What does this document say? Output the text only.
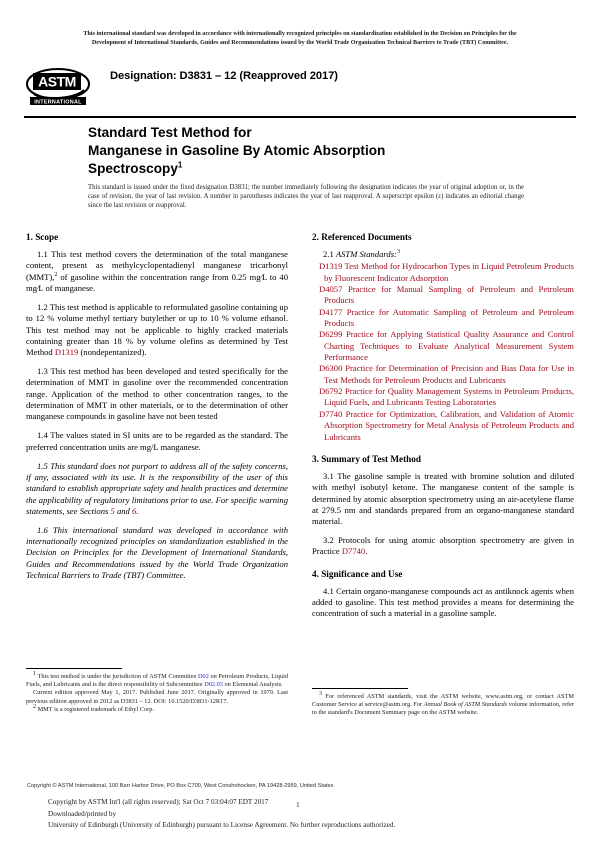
This international standard was developed in accordance with internationally recognized principles on standardization established in the Decision on Principles for the
Development of International Standards, Guides and Recommendations issued by the World Trade Organization Technical Barriers to Trade (TBT) Committee.
ASTM
INTERNATIONAL
Designation: D3831 – 12 (Reapproved 2017)
Standard Test Method for
Manganese in Gasoline By Atomic Absorption
Spectroscopy$^1$
This standard is issued under the fixed designation D3831; the number immediately following the designation indicates the year of original adoption or, in the case of revision, the year of last revision. A number in parentheses indicates the year of last reapproval. A superscript epsilon (ε) indicates an editorial change since the last revision or reapproval.
1. Scope

1.1 This test method covers the determination of the total manganese content, present as methylcyclopentadienyl manganese tricarbonyl (MMT),$^2$ of gasoline within the concentration range from 0.25 mg∕L to 40 mg∕L of manganese.

1.2 This test method is applicable to reformulated gasoline containing up to 12 % volume methyl tertiary butylether or up to 10 % volume ethanol. This test method may not be applicable to highly cracked materials containing greater than 18 % by volume olefins as determined by Test Method D1319 (nondepentanized).

1.3 This test method has been developed and tested specifically for the determination of MMT in gasoline over the recommended concentration range. Application of the method to other concentration ranges, to the determination of MMT in other materials, or to the determination of other manganese compounds in gasoline have not been tested

1.4 The values stated in SI units are to be regarded as the standard. The preferred concentration units are mg/L manganese.

1.5 This standard does not purport to address all of the safety concerns, if any, associated with its use. It is the responsibility of the user of this standard to establish appropriate safety and health practices and determine the applicability of regulatory limitations prior to use. For specific warning statements, see Sections 5 and 6.

1.6 This international standard was developed in accordance with internationally recognized principles on standardization established in the Decision on Principles for the Development of International Standards, Guides and Recommendations issued by the World Trade Organization Technical Barriers to Trade (TBT) Committee.

2. Referenced Documents

2.1 ASTM Standards:$^3$

D1319 Test Method for Hydrocarbon Types in Liquid Petroleum Products by Fluorescent Indicator Adsorption
D4057 Practice for Manual Sampling of Petroleum and Petroleum Products
D4177 Practice for Automatic Sampling of Petroleum and Petroleum Products
D6299 Practice for Applying Statistical Quality Assurance and Control Charting Techniques to Evaluate Analytical Measurement System Performance
D6300 Practice for Determination of Precision and Bias Data for Use in Test Methods for Petroleum Products and Lubricants
D6792 Practice for Quality Management Systems in Petroleum Products, Liquid Fuels, and Lubricants Testing Laboratories
D7740 Practice for Optimization, Calibration, and Validation of Atomic Absorption Spectrometry for Metal Analysis of Petroleum Products and Lubricants
3. Summary of Test Method

3.1 The gasoline sample is treated with bromine solution and diluted with methyl isobutyl ketone. The manganese content of the sample is determined by atomic absorption spectrometry using an air-acetylene flame at 279.5 nm and standards prepared from an organo-manganese standard material.

3.2 Protocols for using atomic absorption spectrometry are given in Practice D7740.

4. Significance and Use

4.1 Certain organo-manganese compounds act as antiknock agents when added to gasoline. This test method provides a means for determining the concentration of such a material in a gasoline sample.

$^1$ This test method is under the jurisdiction of ASTM Committee D02 on Petroleum Products, Liquid Fuels, and Lubricants and is the direct responsibility of Subcommittee D02.03 on Elemental Analysis.

Current edition approved May 1, 2017. Published June 2017. Originally approved in 1979. Last previous edition approved in 2012 as D3831 – 12. DOI: 10.1520/D3831-12R17.

$^2$ MMT is a registered trademark of Ethyl Corp.

$^3$ For referenced ASTM standards, visit the ASTM website, www.astm.org, or contact ASTM Customer Service at service@astm.org. For Annual Book of ASTM Standards volume information, refer to the standard's Document Summary page on the ASTM website.

Copyright © ASTM International, 100 Barr Harbor Drive, PO Box C700, West Conshohocken, PA 19428-2959, United States
Copyright by ASTM Int'l (all rights reserved); Sat Oct 7 03:04:07 EDT 2017
Downloaded/printed by
University of Edinburgh (University of Edinburgh) pursuant to License Agreement. No further reproductions authorized.
1
